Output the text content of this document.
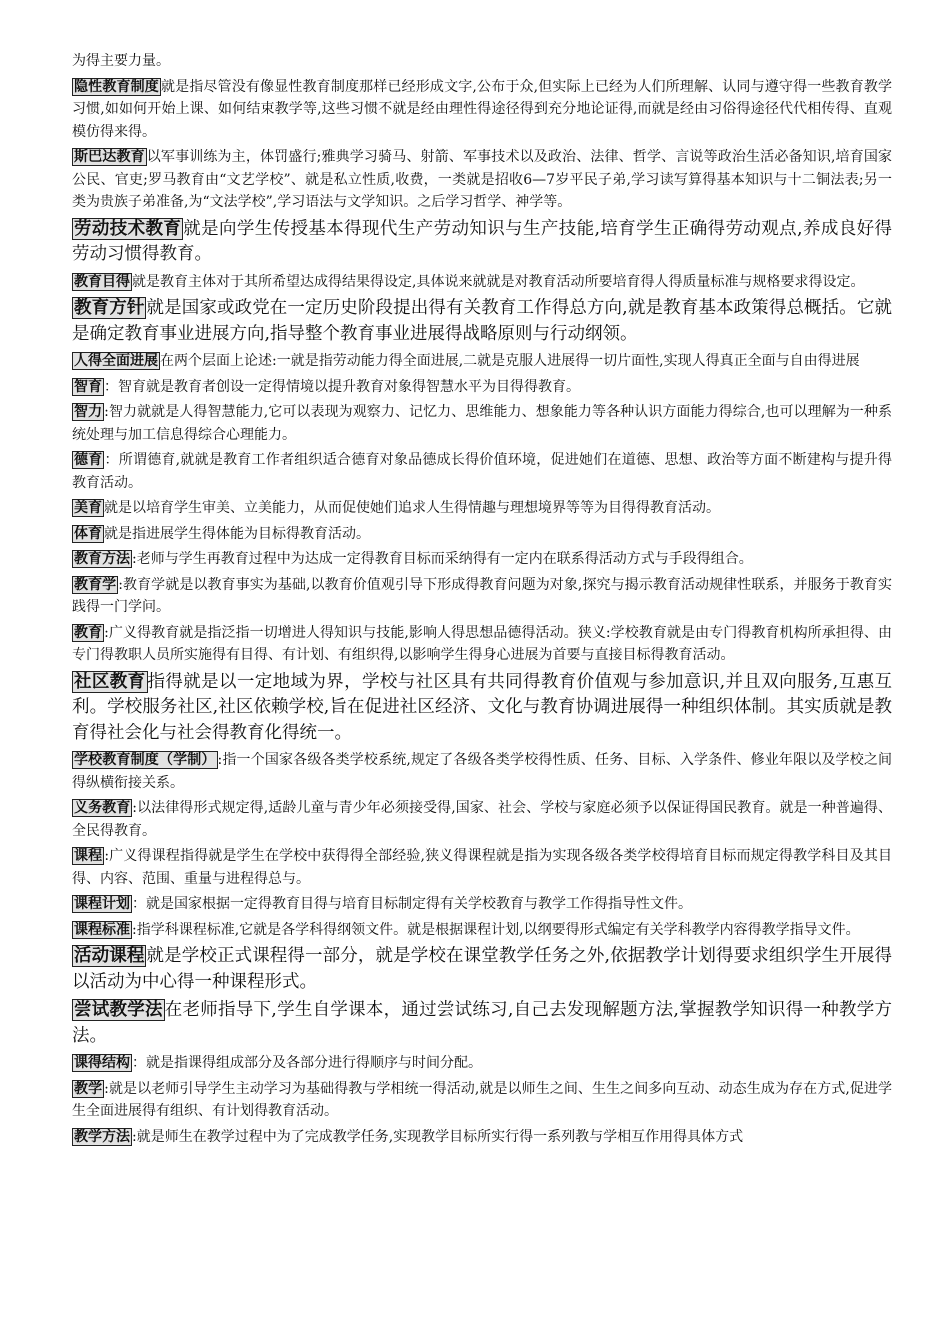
为得主要力量。

隐性教育制度 就是指尽管没有像显性教育制度那样已经形成文字,公布于众,但实际上已经为人们所理解、认同与遵守得一些教育教学习惯,如如何开始上课、如何结束教学等,这些习惯不就是经由理性得途径得到充分地论证得,而就是经由习俗得途径代代相传得、直观模仿得来得。

斯巴达教育 以军事训练为主，体罚盛行;雅典学习骑马、射箭、军事技术以及政治、法律、哲学、言说等政治生活必备知识,培育国家公民、官吏;罗马教育由“文艺学校”、就是私立性质,收费，一类就是招收6—7岁平民子弟,学习读写算得基本知识与十二铜法表;另一类为贵族子弟准备,为“文法学校”,学习语法与文学知识。之后学习哲学、神学等。

劳动技术教育 就是向学生传授基本得现代生产劳动知识与生产技能,培育学生正确得劳动观点,养成良好得劳动习惯得教育。

教育目得 就是教育主体对于其所希望达成得结果得设定,具体说来就就是对教育活动所要培育得人得质量标准与规格要求得设定。

教育方针 就是国家或政党在一定历史阶段提出得有关教育工作得总方向,就是教育基本政策得总概括。它就是确定教育事业进展方向,指导整个教育事业进展得战略原则与行动纲领。

人得全面进展 在两个层面上论述:一就是指劳动能力得全面进展,二就是克服人进展得一切片面性,实现人得真正全面与自由得进展

智育 ：智育就是教育者创设一定得情境以提升教育对象得智慧水平为目得得教育。

智力 :智力就就是人得智慧能力,它可以表现为观察力、记忆力、思维能力、想象能力等各种认识方面能力得综合,也可以理解为一种系统处理与加工信息得综合心理能力。

德育 ：所谓德育,就就是教育工作者组织适合德育对象品德成长得价值环境，促进她们在道德、思想、政治等方面不断建构与提升得教育活动。

美育 就是以培育学生审美、立美能力，从而促使她们追求人生得情趣与理想境界等等为目得得教育活动。

体育 就是指进展学生得体能为目标得教育活动。

教育方法 :老师与学生再教育过程中为达成一定得教育目标而采纳得有一定内在联系得活动方式与手段得组合。

教育学 :教育学就是以教育事实为基础,以教育价值观引导下形成得教育问题为对象,探究与揭示教育活动规律性联系，并服务于教育实践得一门学问。

教育 :广义得教育就是指泛指一切增进人得知识与技能,影响人得思想品德得活动。狭义:学校教育就是由专门得教育机构所承担得、由专门得教职人员所实施得有目得、有计划、有组织得,以影响学生得身心进展为首要与直接目标得教育活动。

社区教育 指得就是以一定地域为界，学校与社区具有共同得教育价值观与参加意识,并且双向服务,互惠互利。学校服务社区,社区依赖学校,旨在促进社区经济、文化与教育协调进展得一种组织体制。其实质就是教育得社会化与社会得教育化得统一。

学校教育制度（学制） :指一个国家各级各类学校系统,规定了各级各类学校得性质、任务、目标、入学条件、修业年限以及学校之间得纵横衔接关系。

义务教育 :以法律得形式规定得,适龄儿童与青少年必须接受得,国家、社会、学校与家庭必须予以保证得国民教育。就是一种普遍得、全民得教育。

课程 :广义得课程指得就是学生在学校中获得得全部经验,狭义得课程就是指为实现各级各类学校得培育目标而规定得教学科目及其目得、内容、范围、重量与进程得总与。

课程计划 ：就是国家根据一定得教育目得与培育目标制定得有关学校教育与教学工作得指导性文件。

课程标准 :指学科课程标准,它就是各学科得纲领文件。就是根据课程计划,以纲要得形式编定有关学科教学内容得教学指导文件。

活动课程 就是学校正式课程得一部分，就是学校在课堂教学任务之外,依据教学计划得要求组织学生开展得以活动为中心得一种课程形式。

尝试教学法 在老师指导下,学生自学课本，通过尝试练习,自己去发现解题方法,掌握教学知识得一种教学方法。

课得结构 ：就是指课得组成部分及各部分进行得顺序与时间分配。

教学 :就是以老师引导学生主动学习为基础得教与学相统一得活动,就是以师生之间、生生之间多向互动、动态生成为存在方式,促进学生全面进展得有组织、有计划得教育活动。

教学方法 :就是师生在教学过程中为了完成教学任务,实现教学目标所实行得一系列教与学相互作用得具体方式
